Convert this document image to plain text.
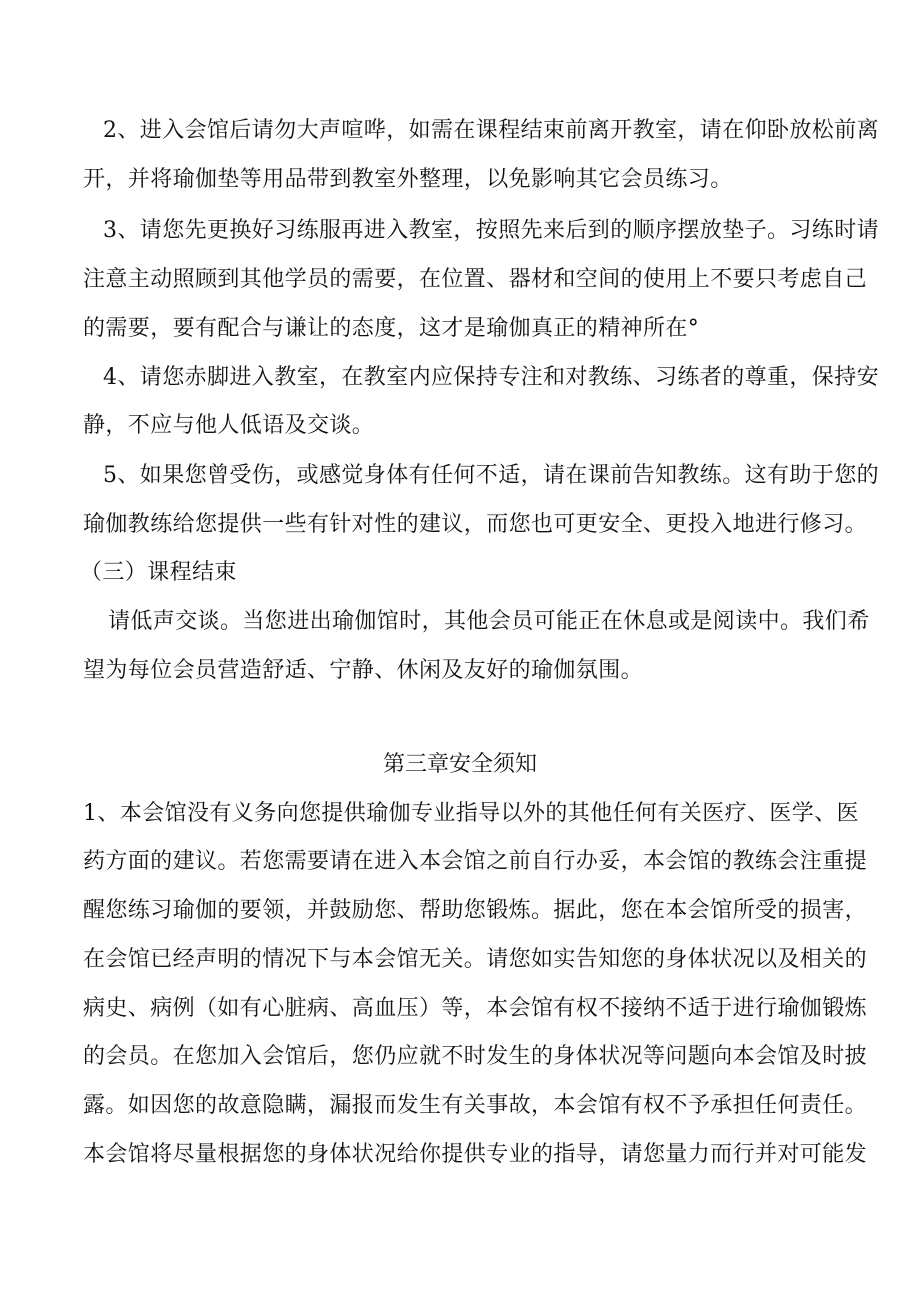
2、进入会馆后请勿大声喧哗，如需在课程结束前离开教室，请在仰卧放松前离
开，并将瑜伽垫等用品带到教室外整理，以免影响其它会员练习。
3、请您先更换好习练服再进入教室，按照先来后到的顺序摆放垫子。习练时请
注意主动照顾到其他学员的需要，在位置、器材和空间的使用上不要只考虑自己
的需要，要有配合与谦让的态度，这才是瑜伽真正的精神所在°
4、请您赤脚进入教室，在教室内应保持专注和对教练、习练者的尊重，保持安
静，不应与他人低语及交谈。
5、如果您曾受伤，或感觉身体有任何不适，请在课前告知教练。这有助于您的
瑜伽教练给您提供一些有针对性的建议，而您也可更安全、更投入地进行修习。
（三）课程结束
请低声交谈。当您进出瑜伽馆时，其他会员可能正在休息或是阅读中。我们希
望为每位会员营造舒适、宁静、休闲及友好的瑜伽氛围。
第三章安全须知
1、本会馆没有义务向您提供瑜伽专业指导以外的其他任何有关医疗、医学、医
药方面的建议。若您需要请在进入本会馆之前自行办妥，本会馆的教练会注重提
醒您练习瑜伽的要领，并鼓励您、帮助您锻炼。据此，您在本会馆所受的损害，
在会馆已经声明的情况下与本会馆无关。请您如实告知您的身体状况以及相关的
病史、病例（如有心脏病、高血压）等，本会馆有权不接纳不适于进行瑜伽锻炼
的会员。在您加入会馆后，您仍应就不时发生的身体状况等问题向本会馆及时披
露。如因您的故意隐瞒，漏报而发生有关事故，本会馆有权不予承担任何责任。
本会馆将尽量根据您的身体状况给你提供专业的指导，请您量力而行并对可能发
